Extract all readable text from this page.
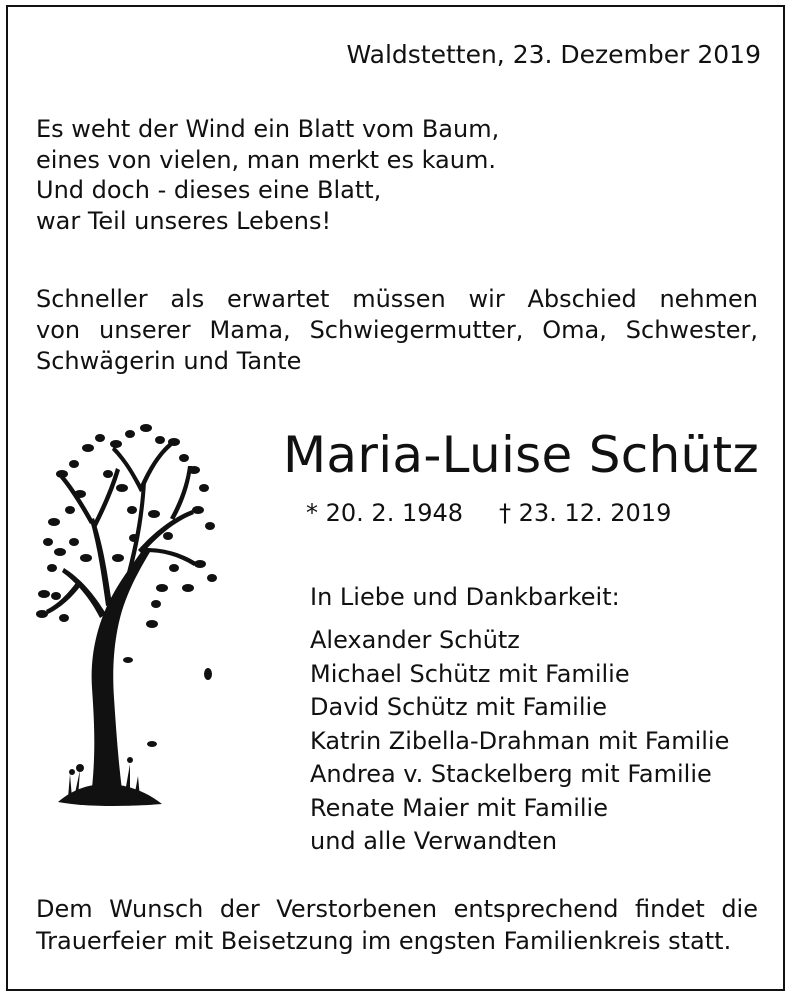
Waldstetten, 23. Dezember 2019
Es weht der Wind ein Blatt vom Baum,
eines von vielen, man merkt es kaum.
Und doch - dieses eine Blatt,
war Teil unseres Lebens!
Schneller als erwartet müssen wir Abschied nehmen
von unserer Mama, Schwiegermutter, Oma, Schwester,
Schwägerin und Tante
Maria-Luise Schütz
* 20. 2. 1948 † 23. 12. 2019
In Liebe und Dankbarkeit:
Alexander Schütz
Michael Schütz mit Familie
David Schütz mit Familie
Katrin Zibella-Drahman mit Familie
Andrea v. Stackelberg mit Familie
Renate Maier mit Familie
und alle Verwandten
Dem Wunsch der Verstorbenen entsprechend findet die
Trauerfeier mit Beisetzung im engsten Familienkreis statt.
